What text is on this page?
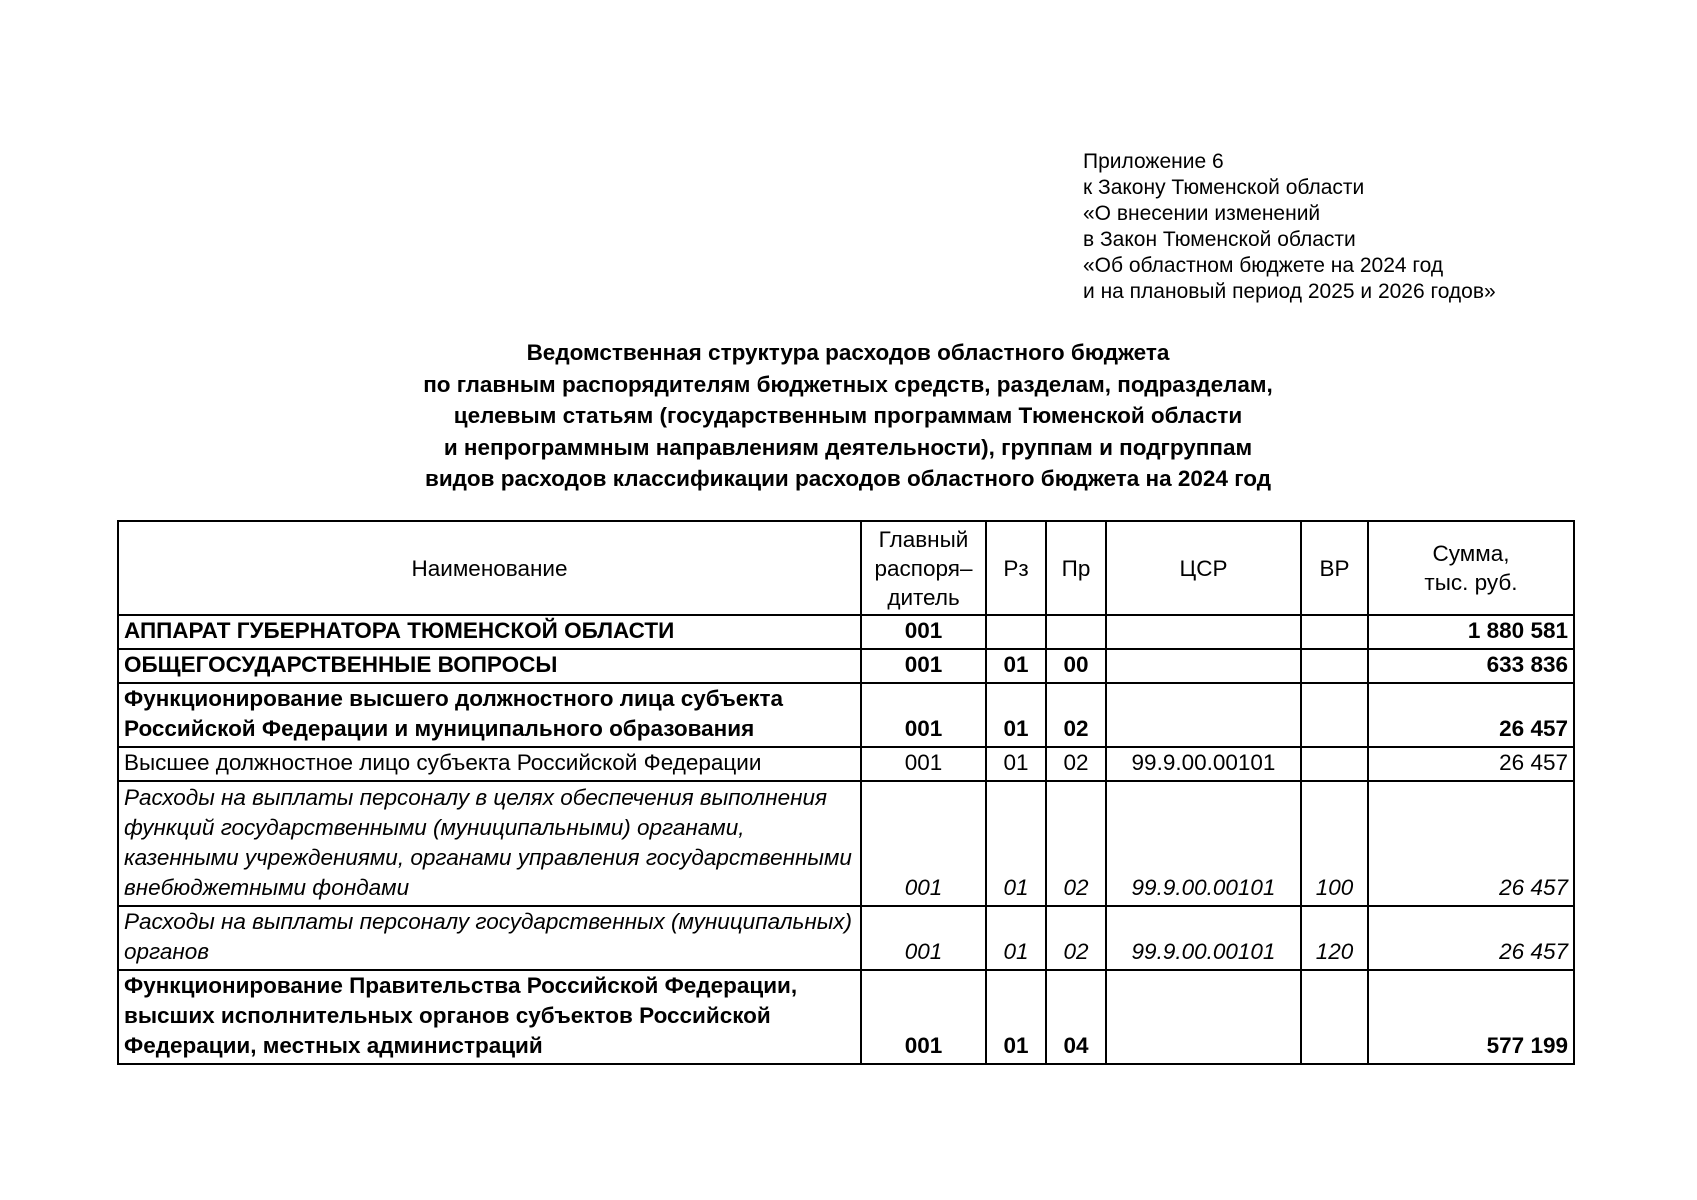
Приложение 6
к Закону Тюменской области
«О внесении изменений
в Закон Тюменской области
«Об областном бюджете на 2024 год
и на плановый период 2025 и 2026 годов»
Ведомственная структура расходов областного бюджета
по главным распорядителям бюджетных средств, разделам, подразделам,
целевым статьям (государственным программам Тюменской области
и непрограммным направлениям деятельности), группам и подгруппам
видов расходов классификации расходов областного бюджета на 2024 год
Наименование	Главный
распоря–
дитель	Рз	Пр	ЦСР	ВР	Сумма,
тыс. руб.
АППАРАТ ГУБЕРНАТОРА ТЮМЕНСКОЙ ОБЛАСТИ	001					1 880 581
ОБЩЕГОСУДАРСТВЕННЫЕ ВОПРОСЫ	001	01	00			633 836
Функционирование высшего должностного лица субъекта Российской Федерации и муниципального образования	001	01	02			26 457
Высшее должностное лицо субъекта Российской Федерации	001	01	02	99.9.00.00101		26 457
Расходы на выплаты персоналу в целях обеспечения выполнения функций государственными (муниципальными) органами, казенными учреждениями, органами управления государственными внебюджетными фондами	001	01	02	99.9.00.00101	100	26 457
Расходы на выплаты персоналу государственных (муниципальных) органов	001	01	02	99.9.00.00101	120	26 457
Функционирование Правительства Российской Федерации, высших исполнительных органов субъектов Российской Федерации, местных администраций	001	01	04			577 199
